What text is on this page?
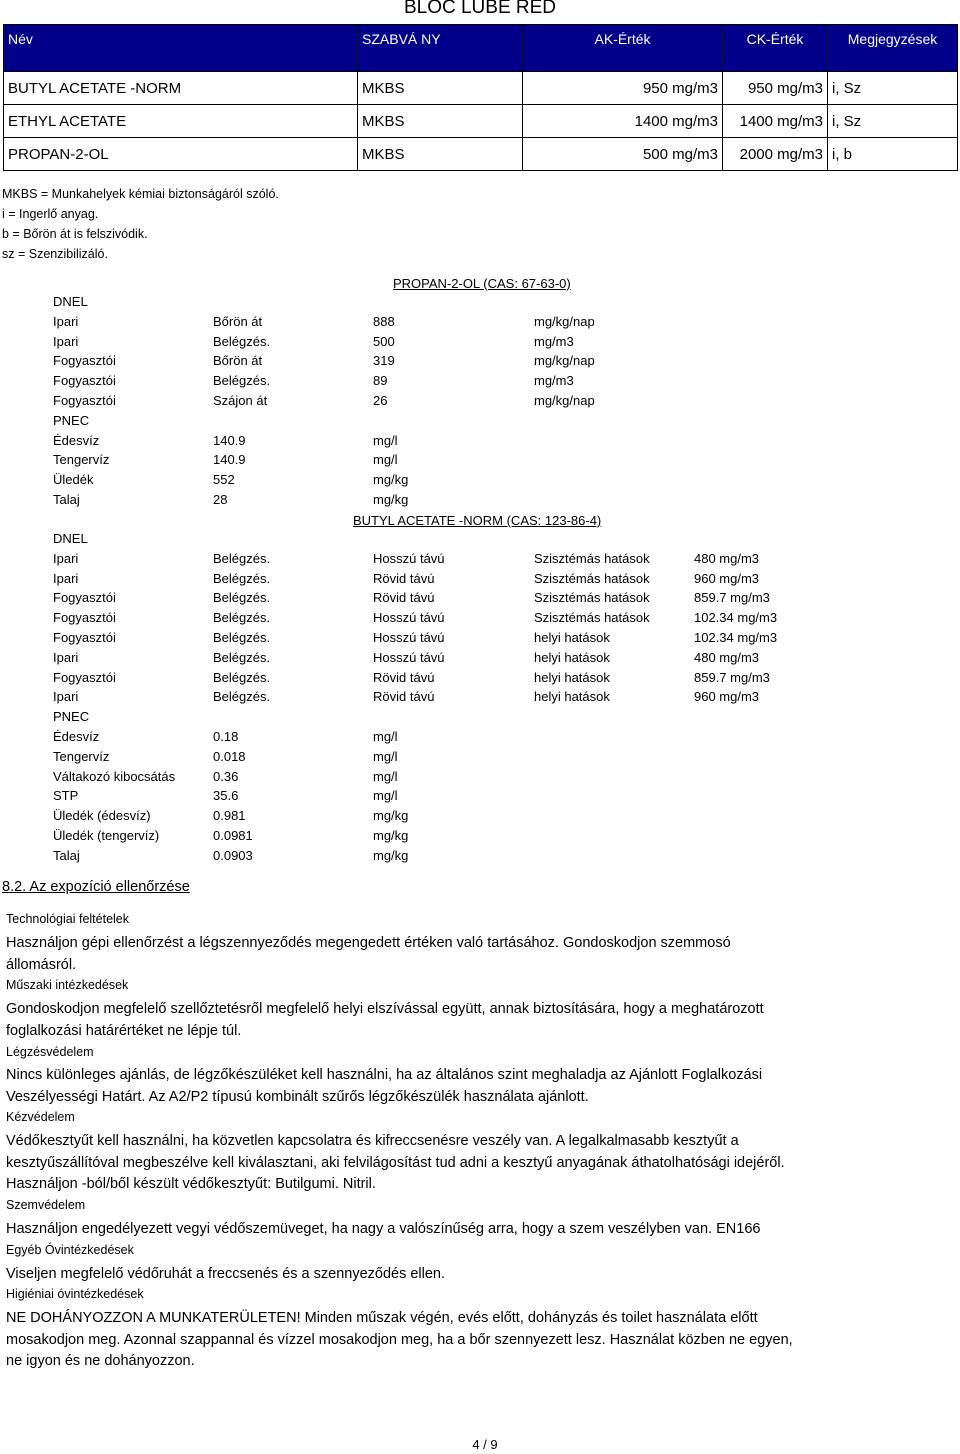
BLOC LUBE RED
Név	SZABVÁ NY	AK-Érték	CK-Érték	Megjegyzések
BUTYL ACETATE -NORM	MKBS	950 mg/m3	950 mg/m3	i, Sz
ETHYL ACETATE	MKBS	1400 mg/m3	1400 mg/m3	i, Sz
PROPAN-2-OL	MKBS	500 mg/m3	2000 mg/m3	i, b
MKBS = Munkahelyek kémiai biztonságáról szóló.
i = Ingerlő anyag.
b = Bőrön át is felszivódik.
sz = Szenzibilizáló.
PROPAN-2-OL (CAS: 67-63-0)
DNEL
Ipari	Bőrön át	888	mg/kg/nap
Ipari	Belégzés.	500	mg/m3
Fogyasztói	Bőrön át	319	mg/kg/nap
Fogyasztói	Belégzés.	89	mg/m3
Fogyasztói	Szájon át	26	mg/kg/nap
PNEC
Édesvíz	140.9	mg/l
Tengervíz	140.9	mg/l
Üledék	552	mg/kg
Talaj	28	mg/kg
BUTYL ACETATE -NORM (CAS: 123-86-4)
DNEL
Ipari	Belégzés.	Hosszú távú	Szisztémás hatások	480 mg/m3
Ipari	Belégzés.	Rövid távú	Szisztémás hatások	960 mg/m3
Fogyasztói	Belégzés.	Rövid távú	Szisztémás hatások	859.7 mg/m3
Fogyasztói	Belégzés.	Hosszú távú	Szisztémás hatások	102.34 mg/m3
Fogyasztói	Belégzés.	Hosszú távú	helyi hatások	102.34 mg/m3
Ipari	Belégzés.	Hosszú távú	helyi hatások	480 mg/m3
Fogyasztói	Belégzés.	Rövid távú	helyi hatások	859.7 mg/m3
Ipari	Belégzés.	Rövid távú	helyi hatások	960 mg/m3
PNEC
Édesvíz	0.18	mg/l
Tengervíz	0.018	mg/l
Váltakozó kibocsátás	0.36	mg/l
STP	35.6	mg/l
Üledék (édesvíz)	0.981	mg/kg
Üledék (tengervíz)	0.0981	mg/kg
Talaj	0.0903	mg/kg
8.2. Az expozíció ellenőrzése
Technológiai feltételek
Használjon gépi ellenőrzést a légszennyeződés megengedett értéken való tartásához. Gondoskodjon szemmosó
állomásról.
Műszaki intézkedések
Gondoskodjon megfelelő szellőztetésről megfelelő helyi elszívással együtt, annak biztosítására, hogy a meghatározott
foglalkozási határértéket ne lépje túl.
Légzésvédelem
Nincs különleges ajánlás, de légzőkészüléket kell használni, ha az általános szint meghaladja az Ajánlott Foglalkozási
Veszélyességi Határt. Az A2/P2 típusú kombinált szűrős légzőkészülék használata ajánlott.
Kézvédelem
Védőkesztyűt kell használni, ha közvetlen kapcsolatra és kifreccsenésre veszély van. A legalkalmasabb kesztyűt a
kesztyűszállítóval megbeszélve kell kiválasztani, aki felvilágosítást tud adni a kesztyű anyagának áthatolhatósági idejéről.
Használjon -ból/ből készült védőkesztyűt: Butilgumi. Nitril.
Szemvédelem
Használjon engedélyezett vegyi védőszemüveget, ha nagy a valószínűség arra, hogy a szem veszélyben van. EN166
Egyéb Óvintézkedések
Viseljen megfelelő védőruhát a freccsenés és a szennyeződés ellen.
Higiéniai óvintézkedések
NE DOHÁNYOZZON A MUNKATERÜLETEN! Minden műszak végén, evés előtt, dohányzás és toilet használata előtt
mosakodjon meg. Azonnal szappannal és vízzel mosakodjon meg, ha a bőr szennyezett lesz. Használat közben ne egyen,
ne igyon és ne dohányozzon.
4 / 9
